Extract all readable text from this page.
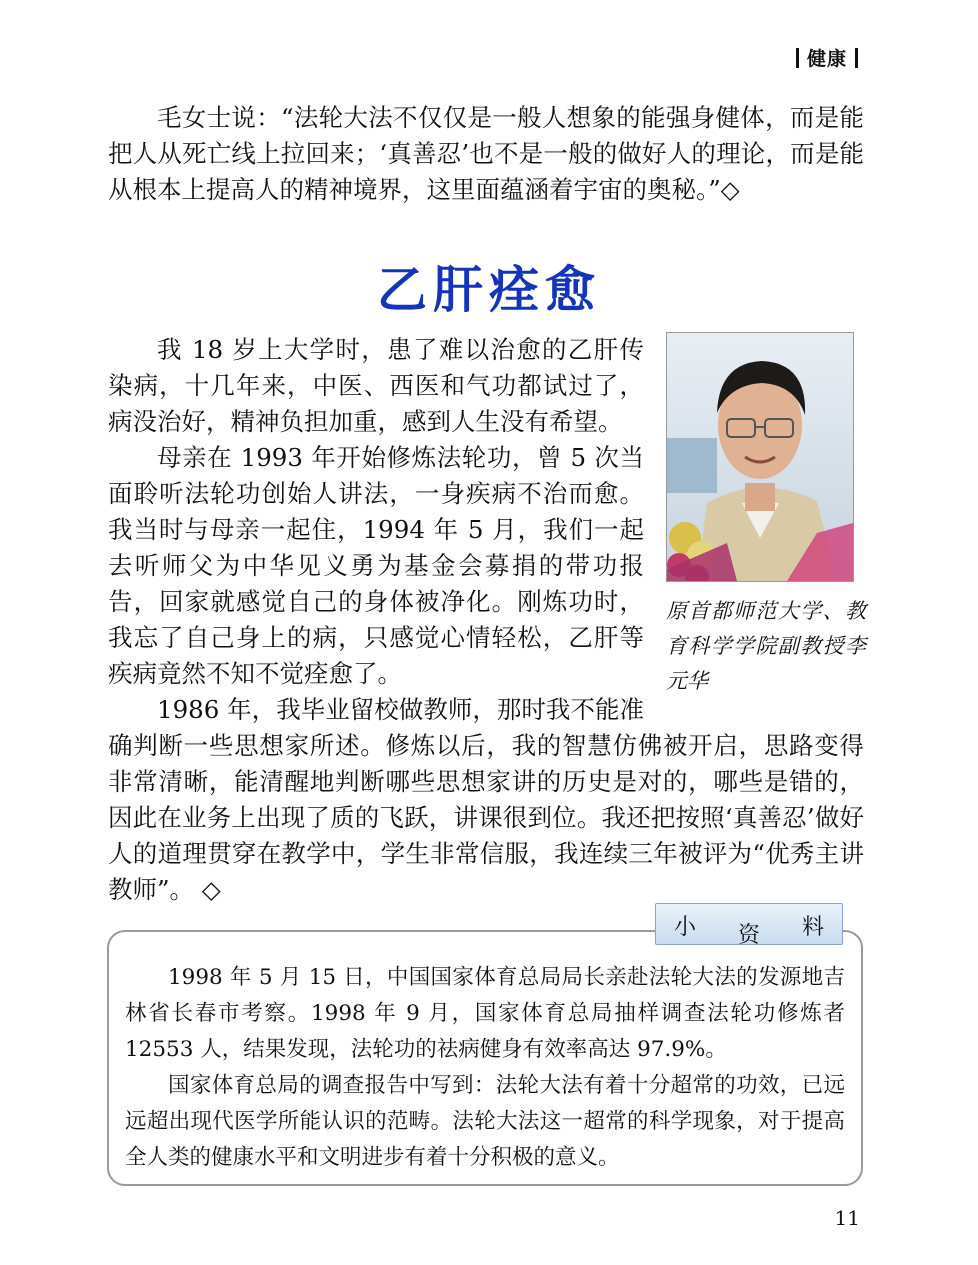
健康

毛女士说：“法轮大法不仅仅是一般人想象的能强身健体，而是能把人从死亡线上拉回来；‘真善忍’也不是一般的做好人的理论，而是能从根本上提高人的精神境界，这里面蕴涵着宇宙的奥秘。”◇

乙肝痊愈
原首都师范大学、教育科学学院副教授李元华

我 18 岁上大学时，患了难以治愈的乙肝传染病，十几年来，中医、西医和气功都试过了，病没治好，精神负担加重，感到人生没有希望。

母亲在 1993 年开始修炼法轮功，曾 5 次当面聆听法轮功创始人讲法，一身疾病不治而愈。我当时与母亲一起住，1994 年 5 月，我们一起去听师父为中华见义勇为基金会募捐的带功报告，回家就感觉自己的身体被净化。刚炼功时，我忘了自己身上的病，只感觉心情轻松，乙肝等疾病竟然不知不觉痊愈了。

1986 年，我毕业留校做教师，那时我不能准确判断一些思想家所述。修炼以后，我的智慧仿佛被开启，思路变得非常清晰，能清醒地判断哪些思想家讲的历史是对的，哪些是错的，因此在业务上出现了质的飞跃，讲课很到位。我还把按照‘真善忍’做好人的道理贯穿在教学中，学生非常信服，我连续三年被评为“优秀主讲教师”。 ◇

小 资 料

1998 年 5 月 15 日，中国国家体育总局局长亲赴法轮大法的发源地吉林省长春市考察。1998 年 9 月，国家体育总局抽样调查法轮功修炼者 12553 人，结果发现，法轮功的祛病健身有效率高达 97.9%。

国家体育总局的调查报告中写到：法轮大法有着十分超常的功效，已远远超出现代医学所能认识的范畴。法轮大法这一超常的科学现象，对于提高全人类的健康水平和文明进步有着十分积极的意义。

11
